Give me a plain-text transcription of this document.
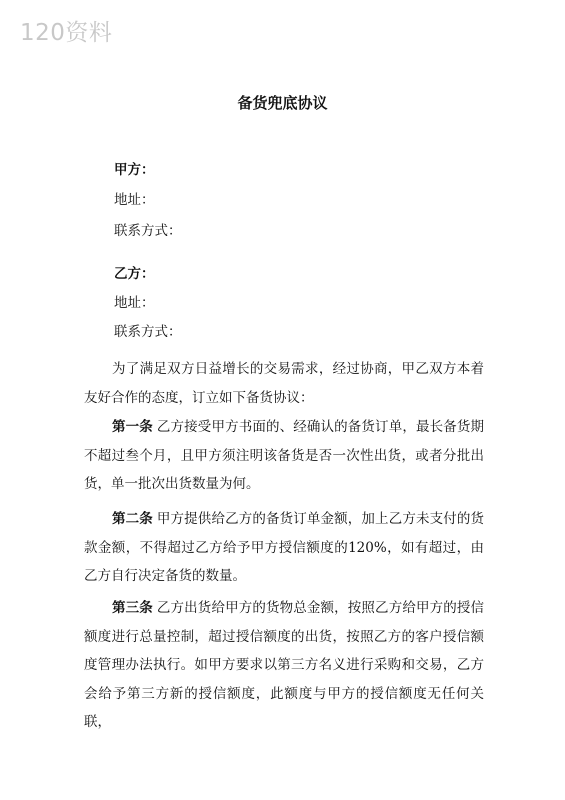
120资料
备货兜底协议
甲方：
地址：
联系方式：
乙方：
地址：
联系方式：
为了满足双方日益增长的交易需求，经过协商，甲乙双方本着友好合作的态度，订立如下备货协议：
第一条 乙方接受甲方书面的、经确认的备货订单，最长备货期不超过叁个月，且甲方须注明该备货是否一次性出货，或者分批出货，单一批次出货数量为何。
第二条 甲方提供给乙方的备货订单金额，加上乙方未支付的货款金额，不得超过乙方给予甲方授信额度的120%，如有超过，由乙方自行决定备货的数量。
第三条 乙方出货给甲方的货物总金额，按照乙方给甲方的授信额度进行总量控制，超过授信额度的出货，按照乙方的客户授信额度管理办法执行。如甲方要求以第三方名义进行采购和交易，乙方会给予第三方新的授信额度，此额度与甲方的授信额度无任何关联，
